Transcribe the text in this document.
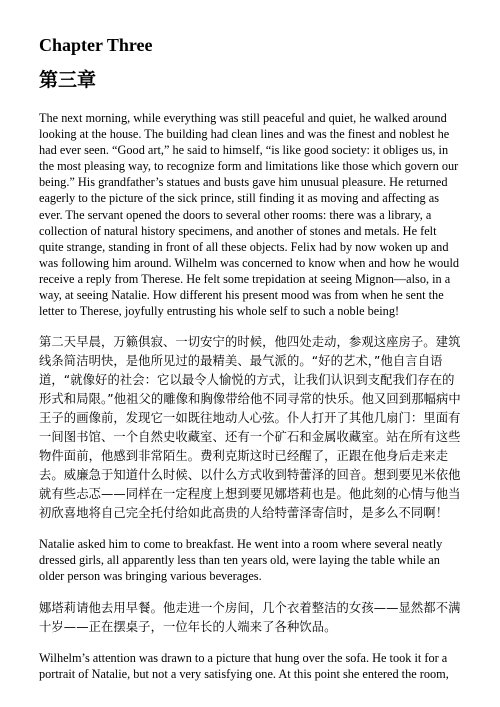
Chapter Three
第三章

The next morning, while everything was still peaceful and quiet, he walked around looking at the house. The building had clean lines and was the finest and noblest he had ever seen. “Good art,” he said to himself, “is like good society: it obliges us, in the most pleasing way, to recognize form and limitations like those which govern our being.” His grandfather’s statues and busts gave him unusual pleasure. He returned eagerly to the picture of the sick prince, still finding it as moving and affecting as ever. The servant opened the doors to several other rooms: there was a library, a collection of natural history specimens, and another of stones and metals. He felt quite strange, standing in front of all these objects. Felix had by now woken up and was following him around. Wilhelm was concerned to know when and how he would receive a reply from Therese. He felt some trepidation at seeing Mignon—also, in a way, at seeing Natalie. How different his present mood was from when he sent the letter to Therese, joyfully entrusting his whole self to such a noble being!

第二天早晨，万籁俱寂、一切安宁的时候，他四处走动，参观这座房子。建筑线条简洁明快，是他所见过的最精美、最气派的。“好的艺术，”他自言自语道，“就像好的社会：它以最令人愉悦的方式，让我们认识到支配我们存在的形式和局限。”他祖父的雕像和胸像带给他不同寻常的快乐。他又回到那幅病中王子的画像前，发现它一如既往地动人心弦。仆人打开了其他几扇门：里面有一间图书馆、一个自然史收藏室、还有一个矿石和金属收藏室。站在所有这些物件面前，他感到非常陌生。费利克斯这时已经醒了，正跟在他身后走来走去。威廉急于知道什么时候、以什么方式收到特蕾泽的回音。想到要见米依他就有些忐忑——同样在一定程度上想到要见娜塔莉也是。他此刻的心情与他当初欣喜地将自己完全托付给如此高贵的人给特蕾泽寄信时，是多么不同啊！

Natalie asked him to come to breakfast. He went into a room where several neatly dressed girls, all apparently less than ten years old, were laying the table while an older person was bringing various beverages.

娜塔莉请他去用早餐。他走进一个房间，几个衣着整洁的女孩——显然都不满十岁——正在摆桌子，一位年长的人端来了各种饮品。

Wilhelm’s attention was drawn to a picture that hung over the sofa. He took it for a portrait of Natalie, but not a very satisfying one. At this point she entered the room,
